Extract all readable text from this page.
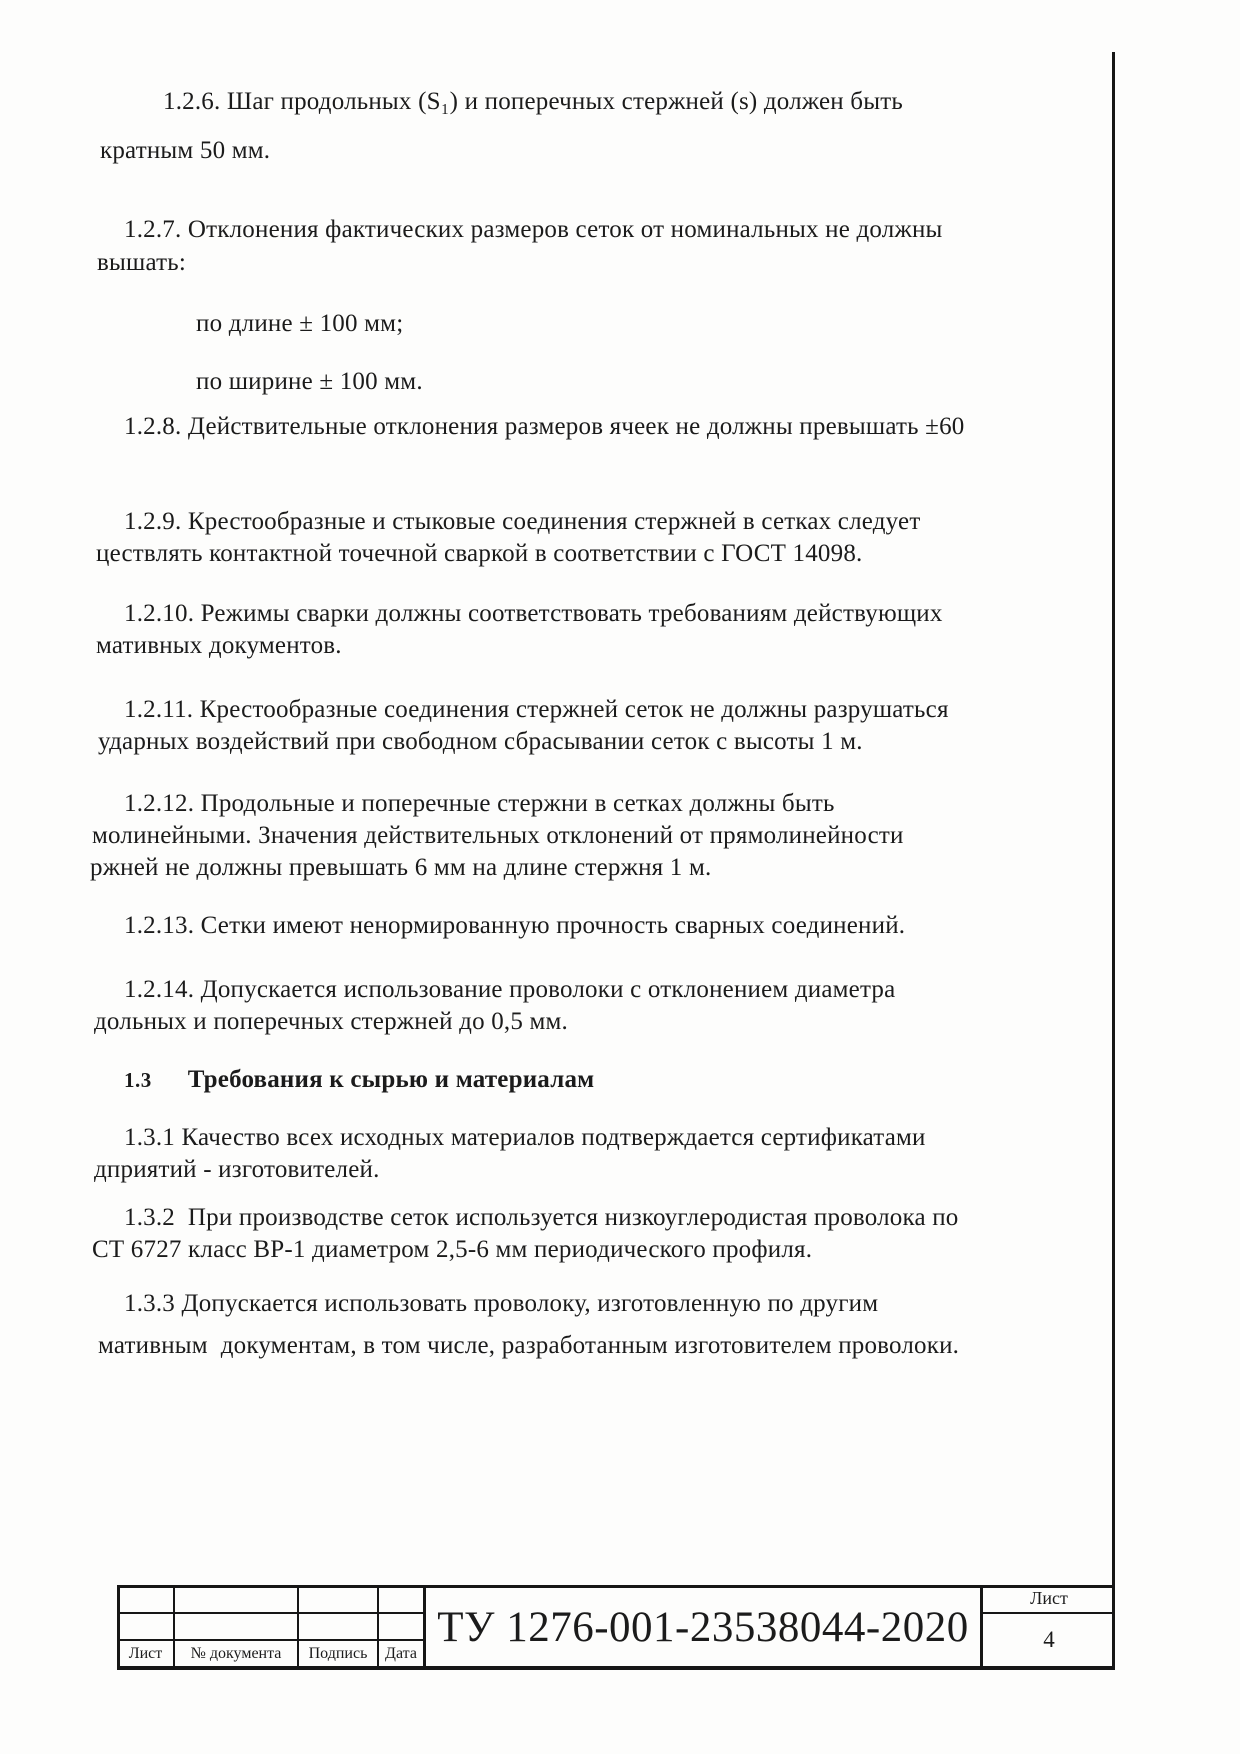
1.2.6. Шаг продольных (S₁) и поперечных стержней (s) должен быть
кратным 50 мм.
1.2.7. Отклонения фактических размеров сеток от номинальных не должны
вышать:
по длине ± 100 мм;
по ширине ± 100 мм.
1.2.8. Действительные отклонения размеров ячеек не должны превышать ±60
1.2.9. Крестообразные и стыковые соединения стержней в сетках следует
цествлять контактной точечной сваркой в соответствии с ГОСТ 14098.
1.2.10. Режимы сварки должны соответствовать требованиям действующих
мативных документов.
1.2.11. Крестообразные соединения стержней сеток не должны разрушаться
ударных воздействий при свободном сбрасывании сеток с высоты 1 м.
1.2.12. Продольные и поперечные стержни в сетках должны быть
молинейными. Значения действительных отклонений от прямолинейности
ржней не должны превышать 6 мм на длине стержня 1 м.
1.2.13. Сетки имеют ненормированную прочность сварных соединений.
1.2.14. Допускается использование проволоки с отклонением диаметра
дольных и поперечных стержней до 0,5 мм.
1.3 Требования к сырью и материалам
1.3.1 Качество всех исходных материалов подтверждается сертификатами
дприятий - изготовителей.
1.3.2  При производстве сеток используется низкоуглеродистая проволока по
СТ 6727 класс ВР-1 диаметром 2,5-6 мм периодического профиля.
1.3.3 Допускается использовать проволоку, изготовленную по другим
мативным  документам, в том числе, разработанным изготовителем проволоки.
Лист	№ документа	Подпись	Дата
ТУ 1276-001-23538044-2020
Лист
4
